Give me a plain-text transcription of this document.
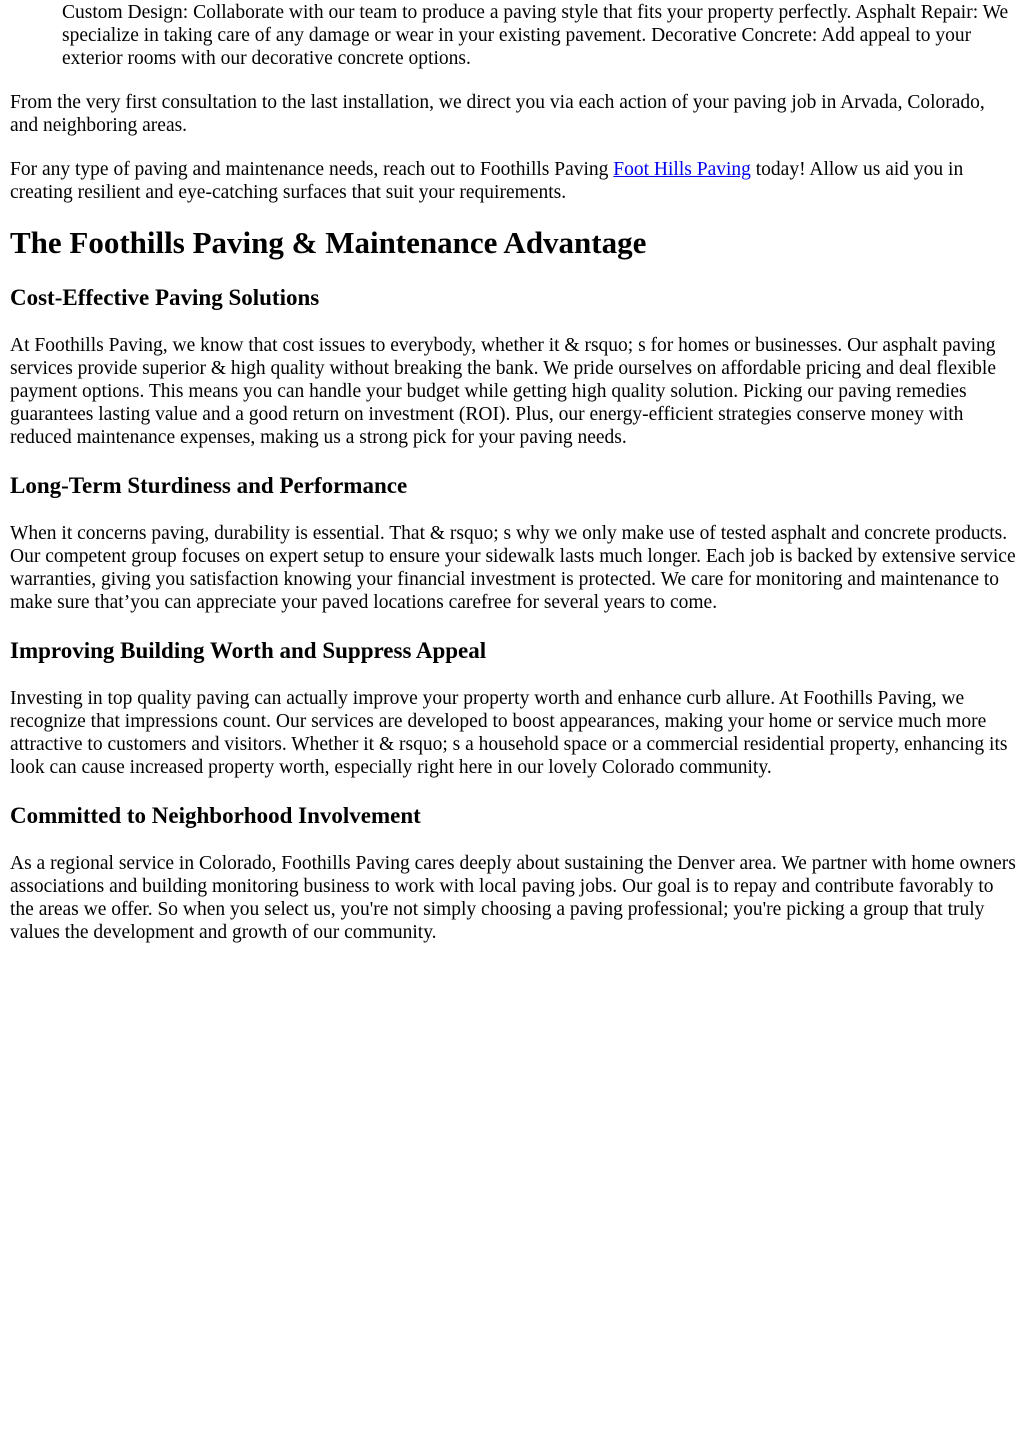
Custom Design: Collaborate with our team to produce a paving style that fits your property perfectly. Asphalt Repair: We specialize in taking care of any damage or wear in your existing pavement. Decorative Concrete: Add appeal to your exterior rooms with our decorative concrete options.

From the very first consultation to the last installation, we direct you via each action of your paving job in Arvada, Colorado, and neighboring areas.

For any type of paving and maintenance needs, reach out to Foothills Paving Foot Hills Paving today! Allow us aid you in creating resilient and eye-catching surfaces that suit your requirements.

The Foothills Paving & Maintenance Advantage
Cost-Effective Paving Solutions

At Foothills Paving, we know that cost issues to everybody, whether it & rsquo; s for homes or businesses. Our asphalt paving services provide superior & high quality without breaking the bank. We pride ourselves on affordable pricing and deal flexible payment options. This means you can handle your budget while getting high quality solution. Picking our paving remedies guarantees lasting value and a good return on investment (ROI). Plus, our energy-efficient strategies conserve money with reduced maintenance expenses, making us a strong pick for your paving needs.

Long-Term Sturdiness and Performance

When it concerns paving, durability is essential. That & rsquo; s why we only make use of tested asphalt and concrete products. Our competent group focuses on expert setup to ensure your sidewalk lasts much longer. Each job is backed by extensive service warranties, giving you satisfaction knowing your financial investment is protected. We care for monitoring and maintenance to make sure that’you can appreciate your paved locations carefree for several years to come.

Improving Building Worth and Suppress Appeal

Investing in top quality paving can actually improve your property worth and enhance curb allure. At Foothills Paving, we recognize that impressions count. Our services are developed to boost appearances, making your home or service much more attractive to customers and visitors. Whether it & rsquo; s a household space or a commercial residential property, enhancing its look can cause increased property worth, especially right here in our lovely Colorado community.

Committed to Neighborhood Involvement

As a regional service in Colorado, Foothills Paving cares deeply about sustaining the Denver area. We partner with home owners associations and building monitoring business to work with local paving jobs. Our goal is to repay and contribute favorably to the areas we offer. So when you select us, you're not simply choosing a paving professional; you're picking a group that truly values the development and growth of our community.
